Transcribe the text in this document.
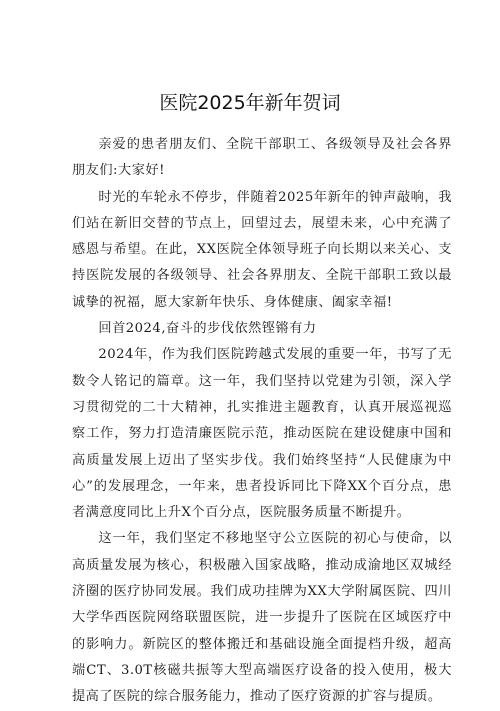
医院2025年新年贺词

亲爱的患者朋友们、全院干部职工、各级领导及社会各界朋友们:大家好!

时光的车轮永不停步，伴随着2025年新年的钟声敲响，我们站在新旧交替的节点上，回望过去，展望未来，心中充满了感恩与希望。在此，XX医院全体领导班子向长期以来关心、支持医院发展的各级领导、社会各界朋友、全院干部职工致以最诚挚的祝福，愿大家新年快乐、身体健康、阖家幸福!

回首2024,奋斗的步伐依然铿锵有力

2024年，作为我们医院跨越式发展的重要一年，书写了无数令人铭记的篇章。这一年，我们坚持以党建为引领，深入学习贯彻党的二十大精神，扎实推进主题教育，认真开展巡视巡察工作，努力打造清廉医院示范，推动医院在建设健康中国和高质量发展上迈出了坚实步伐。我们始终坚持“人民健康为中心”的发展理念，一年来，患者投诉同比下降XX个百分点，患者满意度同比上升X个百分点，医院服务质量不断提升。

这一年，我们坚定不移地坚守公立医院的初心与使命，以高质量发展为核心，积极融入国家战略，推动成渝地区双城经济圈的医疗协同发展。我们成功挂牌为XX大学附属医院、四川大学华西医院网络联盟医院，进一步提升了医院在区域医疗中的影响力。新院区的整体搬迁和基础设施全面提档升级，超高端CT、3.0T核磁共振等大型高端医疗设备的投入使用，极大提高了医院的综合服务能力，推动了医疗资源的扩容与提质。
